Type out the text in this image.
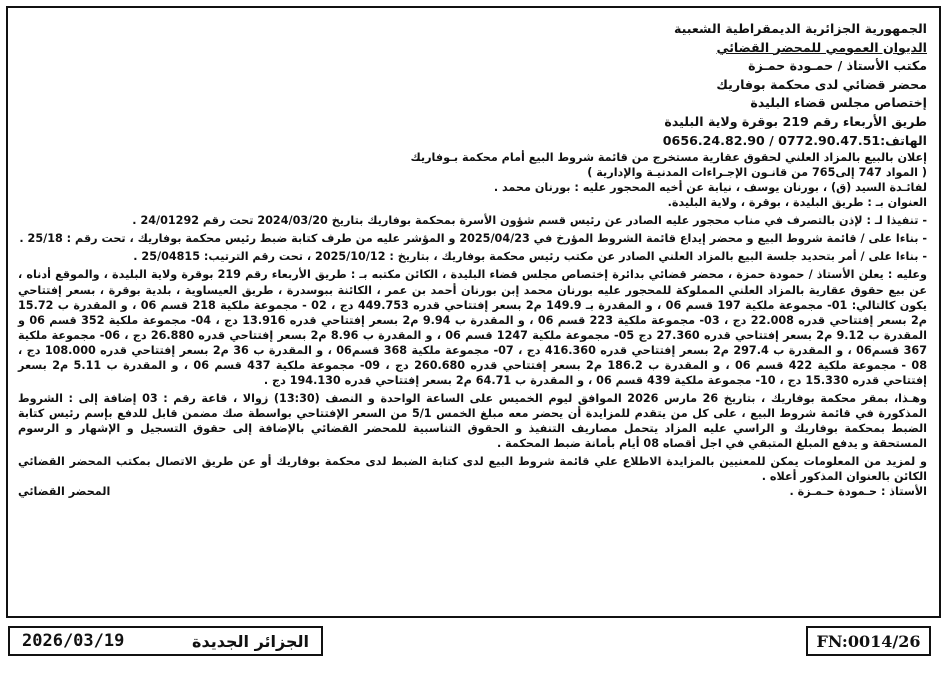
الجمهورية الجزائرية الديمقراطية الشعبية
الديوان العمومي للمحضر القضائي
مكتب الأستاذ / حمـودة حمـزة
محضر قضائي لدى محكمة بوفاريك
إختصاص مجلس قضاء البليدة
طريق الأربعاء رقم 219 بوقرة ولاية البليدة
الهاتف:0772.90.47.51 / 0656.24.82.90

إعلان بالبيع بالمزاد العلني لحقوق عقارية مستخرج من قائمة شروط البيع أمام محكمة بـوفاريك

( المواد 747 إلى765 من قانـون الإجـراءات المدنيـة والإدارية )

لفائـدة السيد (ق) ، بورنان يوسف ، نيابة عن أخيه المحجور عليه : بورنان محمد .

العنوان بـ : طريق البليدة ، بوقرة ، ولاية البليدة.

- تنفيذا لـ : لإذن بالتصرف في مناب محجور عليه الصادر عن رئيس قسم شؤون الأسرة بمحكمة بوفاريك بتاريخ 2024/03/20 تحت رقم 24/01292 .

- بناءا على / قائمة شروط البيع و محضر إيداع قائمة الشروط المؤرخ في 2025/04/23 و المؤشر عليه من طرف كتابة ضبط رئيس محكمة بوفاريك ، تحت رقم : 25/18 .

- بناءا على / أمر بتحديد جلسة البيع بالمزاد العلني الصادر عن مكتب رئيس محكمة بوفاريك ، بتاريخ : 2025/10/12 ، تحت رقم الترتيب: 25/04815 .

وعليه : يعلن الأستاذ / حمودة حمزة ، محضر قضائي بدائرة إختصاص مجلس قضاء البليدة ، الكائن مكتبه بـ : طريق الأربعاء رقم 219 بوقرة ولاية البليدة ، والموقع أدناه ، عن بيع حقوق عقارية بالمزاد العلني المملوكة للمحجور عليه بورنان محمد إبن بورنان أحمد بن عمر ، الكائنة ببوسدرة ، طريق العيساوية ، بلدية بوقرة ، بسعر إفتتاحي يكون كالتالي: 01- مجموعة ملكية 197 قسم 06 ، و المقدرة بـ 149.9 م2 بسعر إفتتاحي قدره 449.753 دج ، 02 - مجموعة ملكية 218 قسم 06 ، و المقدرة ب 15.72 م2 بسعر إفتتاحي قدره 22.008 دج ، 03- مجموعة ملكية 223 قسم 06 ، و المقدرة ب 9.94 م2 بسعر إفتتاحي قدره 13.916 دج ، 04- مجموعة ملكية 352 قسم 06 و المقدرة ب 9.12 م2 بسعر إفتتاحي قدره 27.360 دج 05- مجموعة ملكية 1247 قسم 06 ، و المقدرة ب 8.96 م2 بسعر إفتتاحي قدره 26.880 دج ، 06- مجموعة ملكية 367 قسم06 ، و المقدرة ب 297.4 م2 بسعر إفتتاحي قدره 416.360 دج ، 07- مجموعة ملكية 368 قسم06 ، و المقدرة ب 36 م2 بسعر إفتتاحي قدره 108.000 دج ، 08 - مجموعة ملكية 422 قسم 06 ، و المقدرة ب 186.2 م2 بسعر إفتتاحي قدره 260.680 دج ، 09- مجموعة ملكية 437 قسم 06 ، و المقدرة ب 5.11 م2 بسعر إفتتاحي قدره 15.330 دج ، 10- مجموعة ملكية 439 قسم 06 ، و المقدرة ب 64.71 م2 بسعر إفتتاحي قدره 194.130 دج .

وهـذا، بمقر محكمة بوفاريك ، بتاريخ 26 مارس 2026 الموافق ليوم الخميس على الساعة الواحدة و النصف (13:30) زوالا ، قاعة رقم : 03 إضافة إلى : الشروط المذكورة في قائمة شروط البيع ، على كل من يتقدم للمزايدة أن يحضر معه مبلغ الخمس 5/1 من السعر الإفتتاحي بواسطة صك مضمن قابل للدفع بإسم رئيس كتابة الضبط بمحكمة بوفاريك و الراسي عليه المزاد يتحمل مصاريف التنفيذ و الحقوق التناسبية للمحضر القضائي بالإضافة إلى حقوق التسجيل و الإشهار و الرسوم المستحقة و يدفع المبلغ المتبقي في اجل أقصاه 08 أيام بأمانة ضبط المحكمة .

و لمزيد من المعلومات يمكن للمعنيين بالمزايدة الاطلاع علي قائمة شروط البيع لدى كتابة الضبط لدى محكمة بوفاريك أو عن طريق الاتصال بمكتب المحضر القضائي الكائن بالعنوان المذكور أعلاه .

الأستاذ : حـمودة حـمـزة .
المحضر القضائي
الجزائر الجديدة
2026/03/19	FN:0014/26
